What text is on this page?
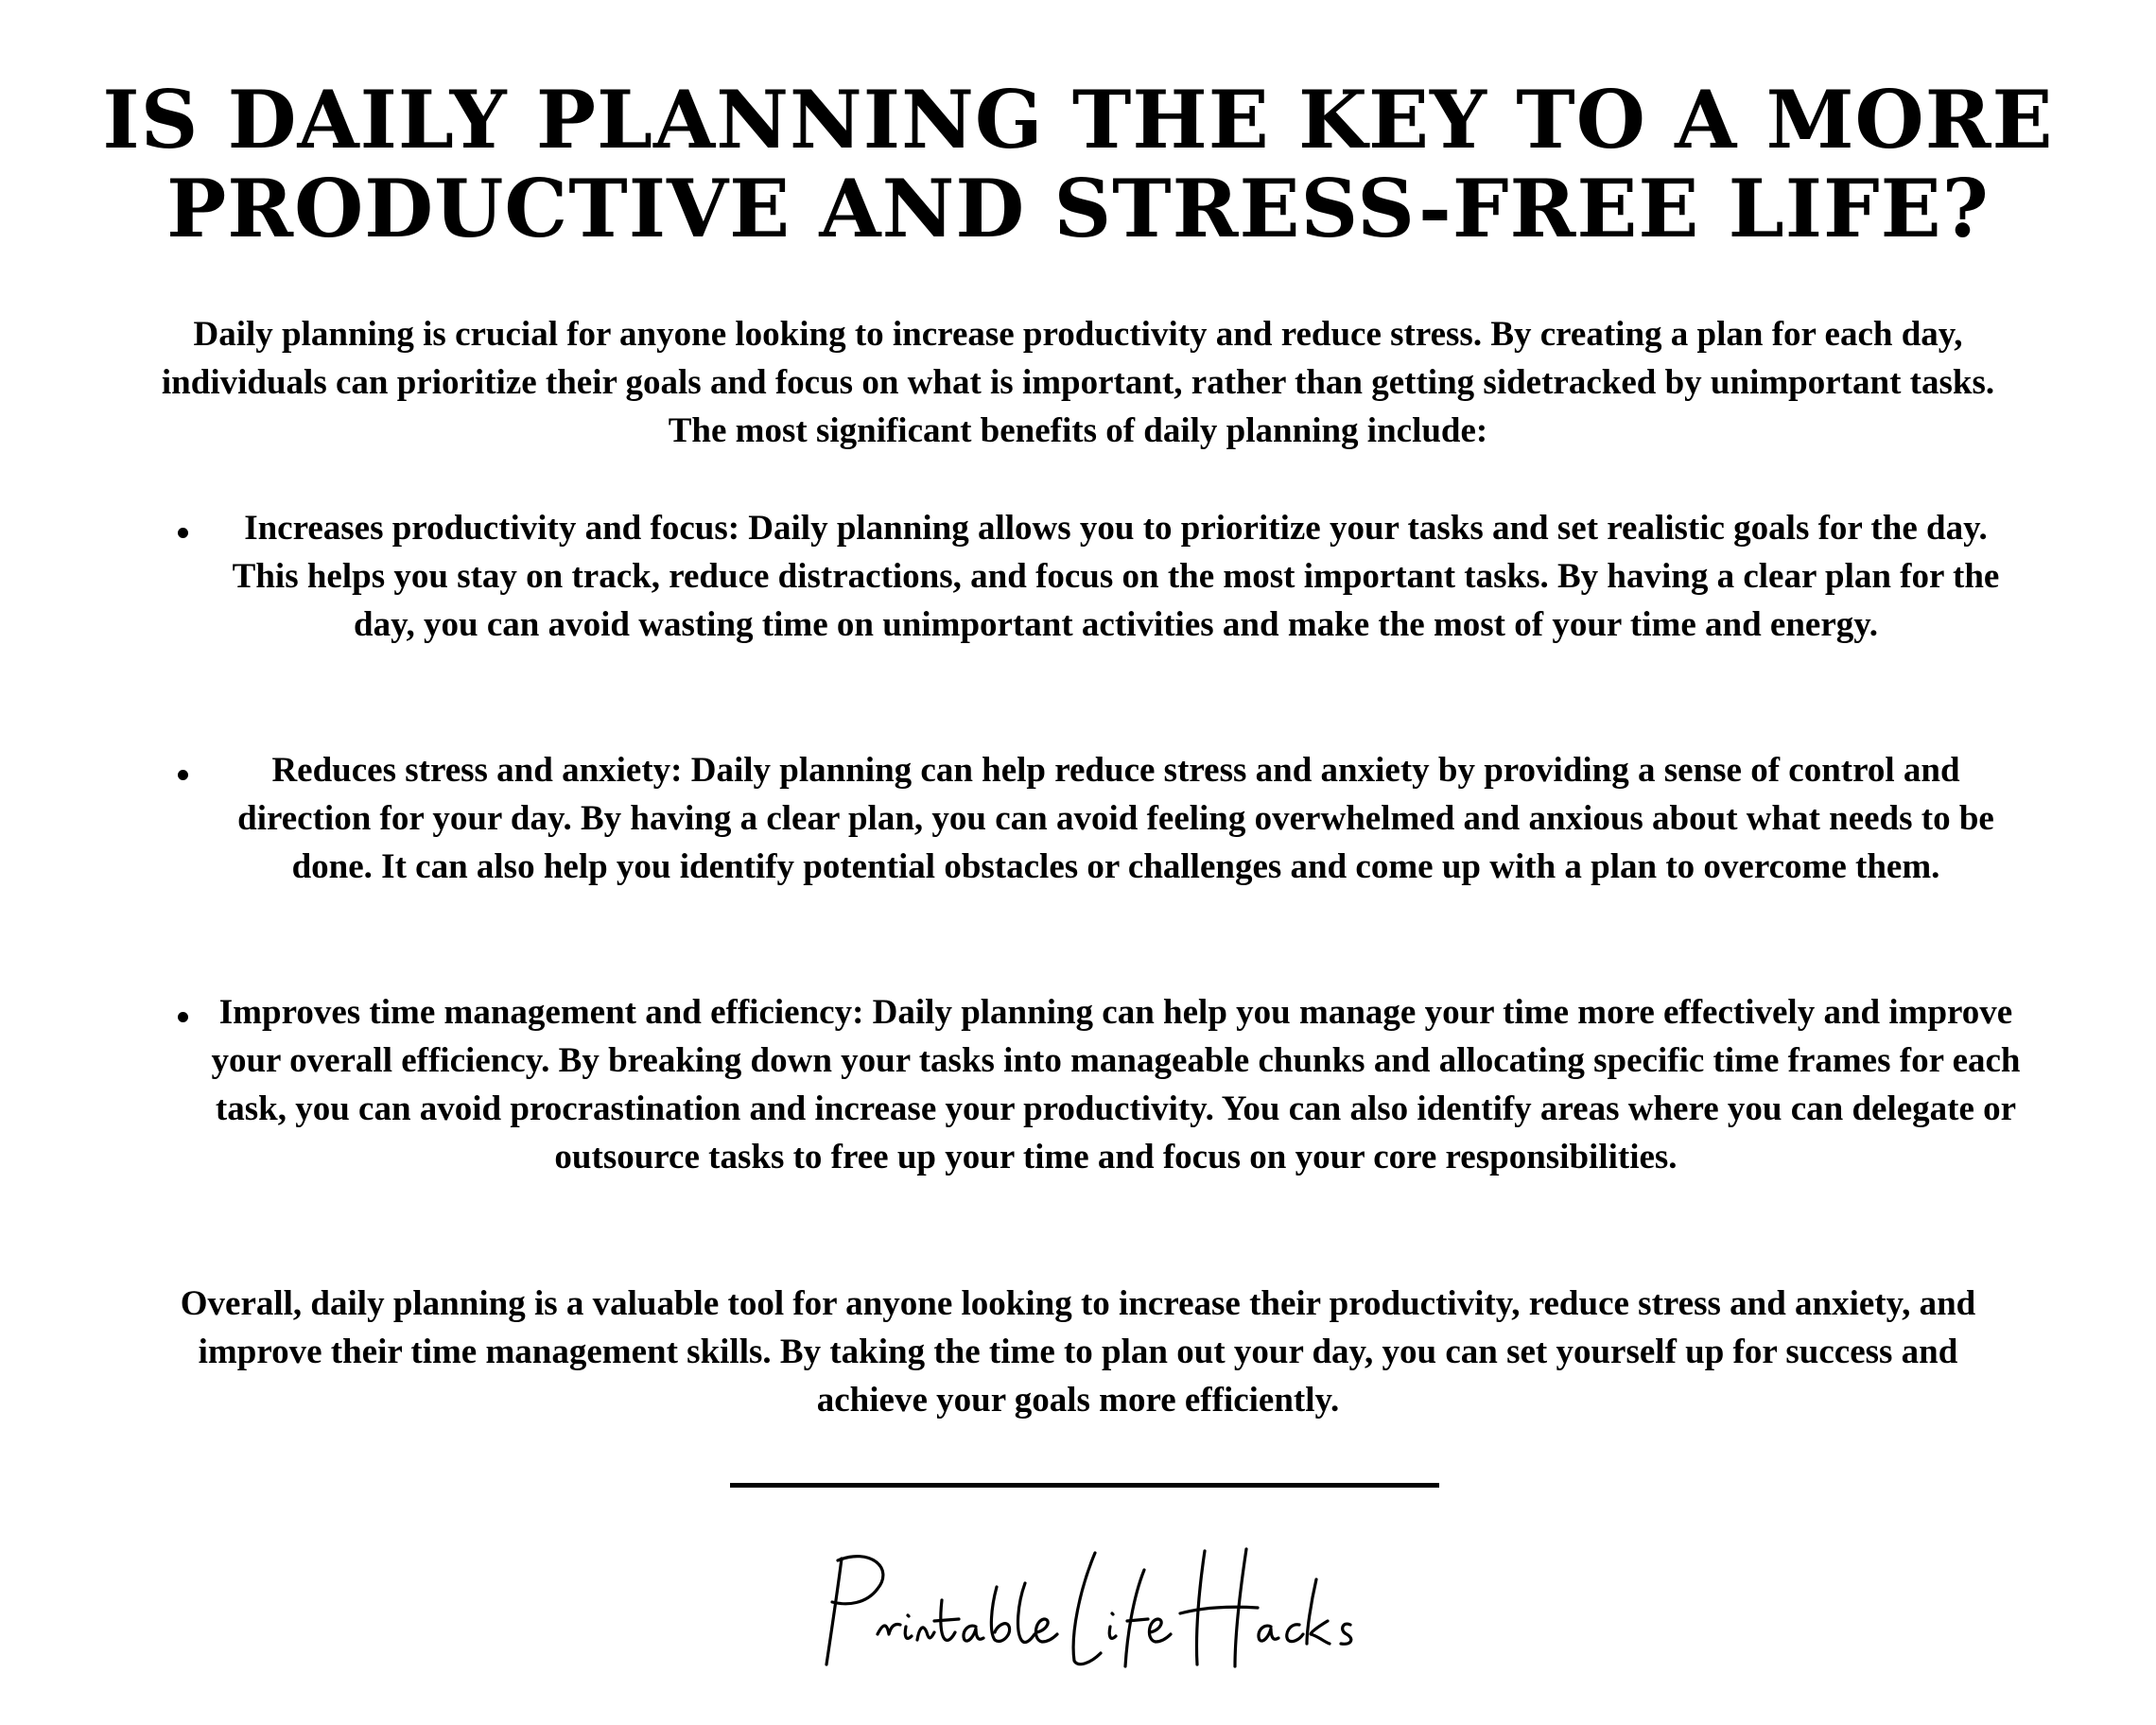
IS DAILY PLANNING THE KEY TO A MORE
PRODUCTIVE AND STRESS-FREE LIFE?

Daily planning is crucial for anyone looking to increase productivity and reduce stress. By creating a plan for each day, individuals can prioritize their goals and focus on what is important, rather than getting sidetracked by unimportant tasks. The most significant benefits of daily planning include:

Increases productivity and focus: Daily planning allows you to prioritize your tasks and set realistic goals for the day. This helps you stay on track, reduce distractions, and focus on the most important tasks. By having a clear plan for the day, you can avoid wasting time on unimportant activities and make the most of your time and energy.

Reduces stress and anxiety: Daily planning can help reduce stress and anxiety by providing a sense of control and direction for your day. By having a clear plan, you can avoid feeling overwhelmed and anxious about what needs to be done. It can also help you identify potential obstacles or challenges and come up with a plan to overcome them.

Improves time management and efficiency: Daily planning can help you manage your time more effectively and improve your overall efficiency. By breaking down your tasks into manageable chunks and allocating specific time frames for each task, you can avoid procrastination and increase your productivity. You can also identify areas where you can delegate or outsource tasks to free up your time and focus on your core responsibilities.

Overall, daily planning is a valuable tool for anyone looking to increase their productivity, reduce stress and anxiety, and improve their time management skills. By taking the time to plan out your day, you can set yourself up for success and achieve your goals more efficiently.
